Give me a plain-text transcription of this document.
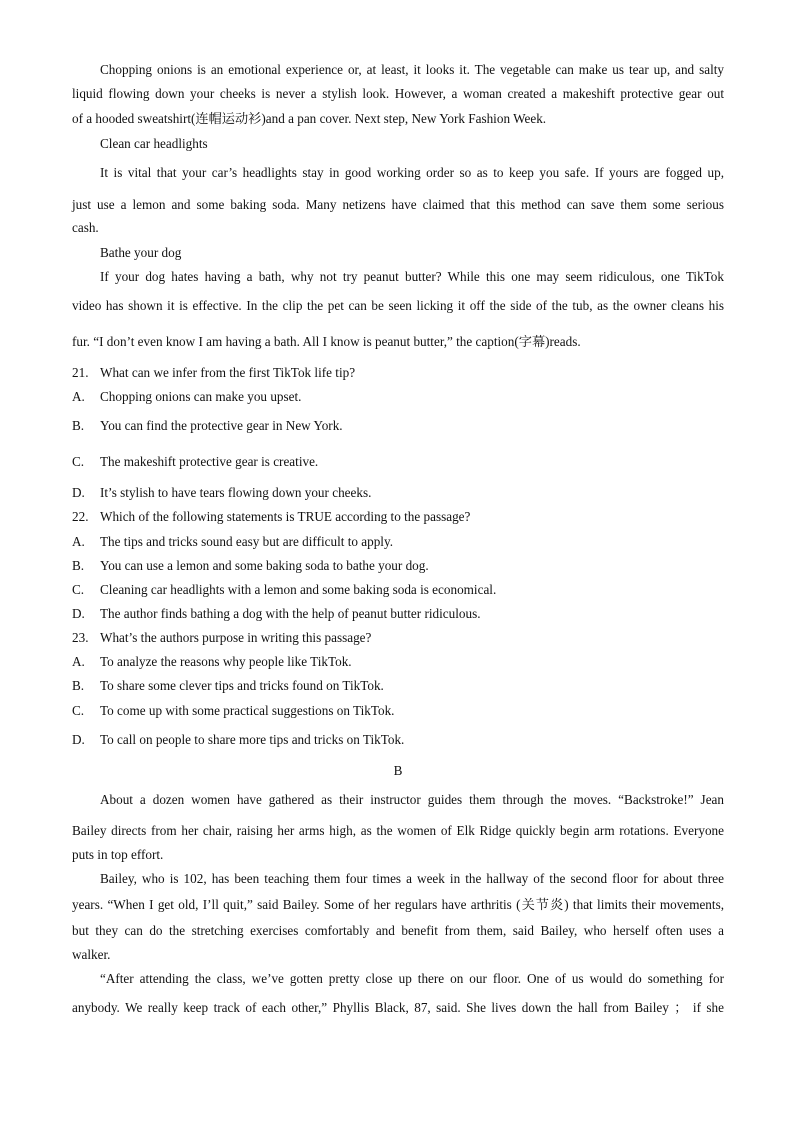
Chopping onions is an emotional experience or, at least, it looks it. The vegetable can make us tear up, and salty
liquid flowing down your cheeks is never a stylish look. However, a woman created a makeshift protective gear out
of a hooded sweatshirt(连帽运动衫)and a pan cover. Next step, New York Fashion Week.
Clean car headlights
It is vital that your car’s headlights stay in good working order so as to keep you safe. If yours are fogged up,
just use a lemon and some baking soda. Many netizens have claimed that this method can save them some serious
cash.
Bathe your dog
If your dog hates having a bath, why not try peanut butter? While this one may seem ridiculous, one TikTok
video has shown it is effective. In the clip the pet can be seen licking it off the side of the tub, as the owner cleans his
fur. “I don’t even know I am having a bath. All I know is peanut butter,” the caption(字幕)reads.
21. What can we infer from the first TikTok life tip?
A. Chopping onions can make you upset.
B. You can find the protective gear in New York.
C. The makeshift protective gear is creative.
D. It’s stylish to have tears flowing down your cheeks.
22. Which of the following statements is TRUE according to the passage?
A. The tips and tricks sound easy but are difficult to apply.
B. You can use a lemon and some baking soda to bathe your dog.
C. Cleaning car headlights with a lemon and some baking soda is economical.
D. The author finds bathing a dog with the help of peanut butter ridiculous.
23. What’s the authors purpose in writing this passage?
A. To analyze the reasons why people like TikTok.
B. To share some clever tips and tricks found on TikTok.
C. To come up with some practical suggestions on TikTok.
D. To call on people to share more tips and tricks on TikTok.
B
About a dozen women have gathered as their instructor guides them through the moves. “Backstroke!” Jean
Bailey directs from her chair, raising her arms high, as the women of Elk Ridge quickly begin arm rotations. Everyone
puts in top effort.
Bailey, who is 102, has been teaching them four times a week in the hallway of the second floor for about three
years. “When I get old, I’ll quit,” said Bailey. Some of her regulars have arthritis (关节炎) that limits their movements,
but they can do the stretching exercises comfortably and benefit from them, said Bailey, who herself often uses a
walker.
“After attending the class, we’ve gotten pretty close up there on our floor. One of us would do something for
anybody. We really keep track of each other,” Phyllis Black, 87, said. She lives down the hall from Bailey ； if she
